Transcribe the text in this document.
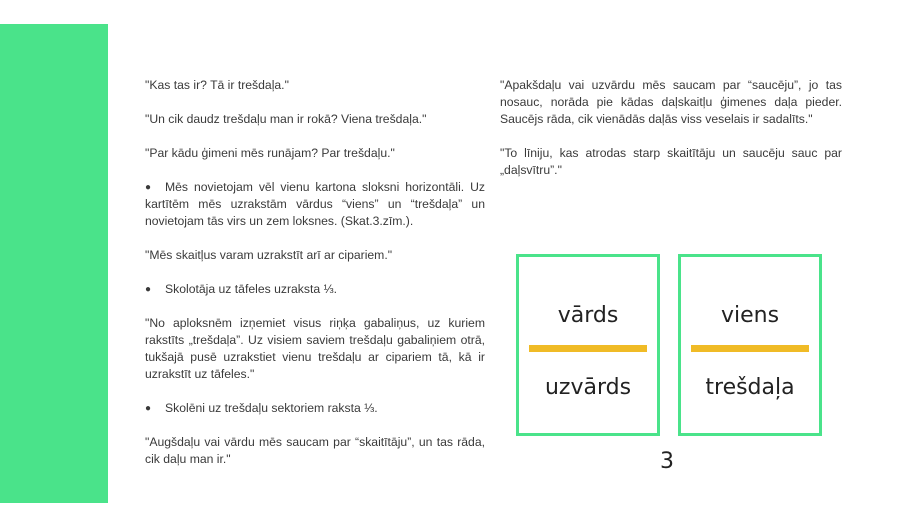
"Kas tas ir? Tā ir trešdaļa."

"Un cik daudz trešdaļu man ir rokā? Viena trešdaļa."

"Par kādu ģimeni mēs runājam? Par trešdaļu."

● Mēs novietojam vēl vienu kartona sloksni horizontāli. Uz kartītēm mēs uzrakstām vārdus “viens” un “trešdaļa” un novietojam tās virs un zem loksnes. (Skat.3.zīm.).

"Mēs skaitļus varam uzrakstīt arī ar cipariem."

● Skolotāja uz tāfeles uzraksta ⅓.

"No aploksnēm izņemiet visus riņķa gabaliņus, uz kuriem rakstīts „trešdaļa”. Uz visiem saviem trešdaļu gabaliņiem otrā, tukšajā pusē uzrakstiet vienu trešdaļu ar cipariem tā, kā ir uzrakstīt uz tāfeles."

● Skolēni uz trešdaļu sektoriem raksta ⅓.

"Augšdaļu vai vārdu mēs saucam par “skaitītāju”, un tas rāda, cik daļu man ir."

"Apakšdaļu vai uzvārdu mēs saucam par “saucēju”, jo tas nosauc, norāda pie kādas daļskaitļu ģimenes daļa pieder. Saucējs rāda, cik vienādās daļās viss veselais ir sadalīts."

"To līniju, kas atrodas starp skaitītāju un saucēju sauc par „daļsvītru”."

vārds
uzvārds
viens
trešdaļa
3
